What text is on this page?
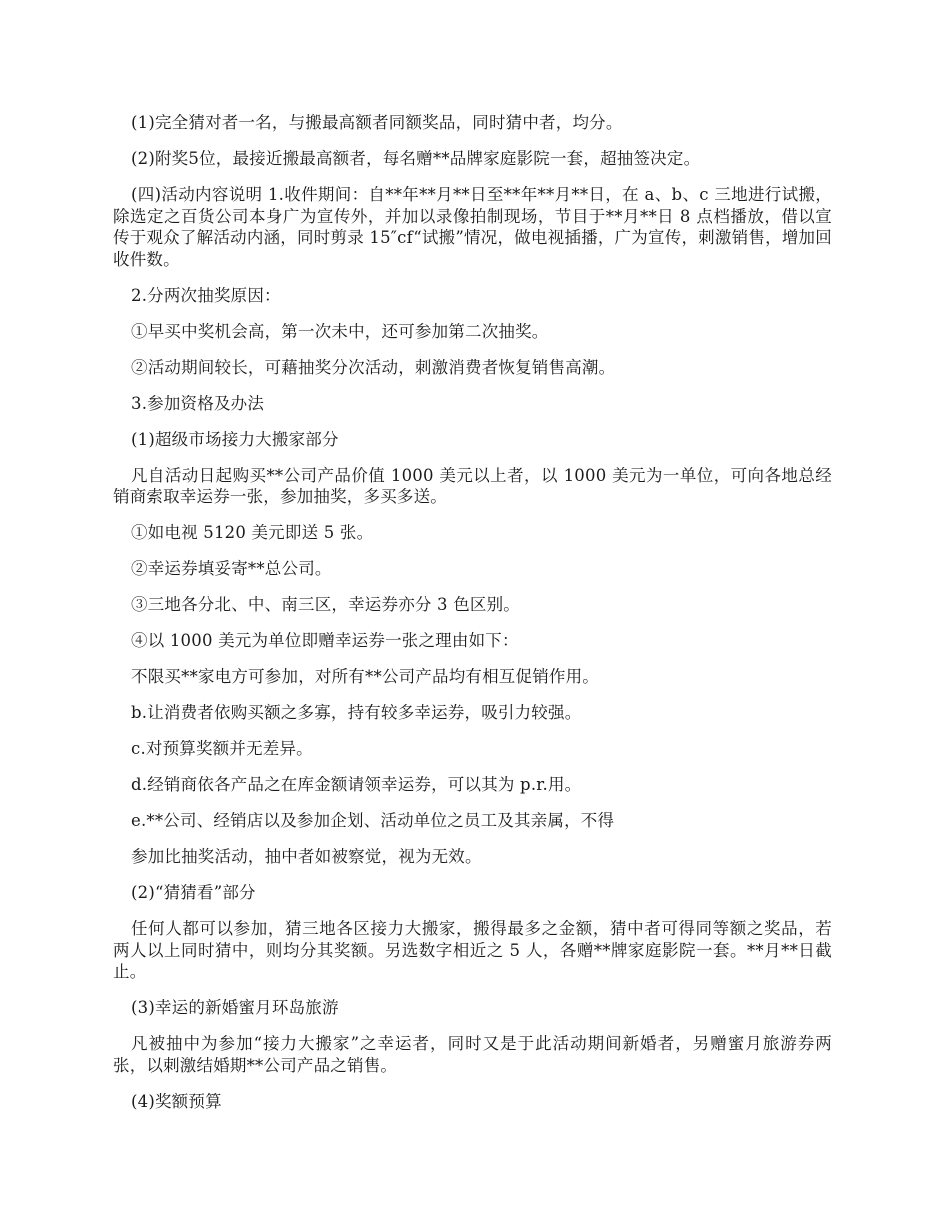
(1)完全猜对者一名，与搬最高额者同额奖品，同时猜中者，均分。

(2)附奖5位，最接近搬最高额者，每名赠**品牌家庭影院一套，超抽签决定。

(四)活动内容说明 1.收件期间：自**年**月**日至**年**月**日，在 a、b、c 三地进行试搬，除选定之百货公司本身广为宣传外，并加以录像拍制现场，节目于**月**日 8 点档播放，借以宣传于观众了解活动内涵，同时剪录 15″cf“试搬”情况，做电视插播，广为宣传，刺激销售，增加回收件数。

2.分两次抽奖原因：

①早买中奖机会高，第一次未中，还可参加第二次抽奖。

②活动期间较长，可藉抽奖分次活动，刺激消费者恢复销售高潮。

3.参加资格及办法

(1)超级市场接力大搬家部分

凡自活动日起购买**公司产品价值 1000 美元以上者，以 1000 美元为一单位，可向各地总经销商索取幸运券一张，参加抽奖，多买多送。

①如电视 5120 美元即送 5 张。

②幸运券填妥寄**总公司。

③三地各分北、中、南三区，幸运券亦分 3 色区别。

④以 1000 美元为单位即赠幸运券一张之理由如下：

不限买**家电方可参加，对所有**公司产品均有相互促销作用。

b.让消费者依购买额之多寡，持有较多幸运券，吸引力较强。

c.对预算奖额并无差异。

d.经销商依各产品之在库金额请领幸运券，可以其为 p.r.用。

e.**公司、经销店以及参加企划、活动单位之员工及其亲属，不得

参加比抽奖活动，抽中者如被察觉，视为无效。

(2)“猜猜看”部分

任何人都可以参加，猜三地各区接力大搬家，搬得最多之金额，猜中者可得同等额之奖品，若两人以上同时猜中，则均分其奖额。另选数字相近之 5 人，各赠**牌家庭影院一套。**月**日截止。

(3)幸运的新婚蜜月环岛旅游

凡被抽中为参加“接力大搬家”之幸运者，同时又是于此活动期间新婚者，另赠蜜月旅游券两张，以刺激结婚期**公司产品之销售。

(4)奖额预算
